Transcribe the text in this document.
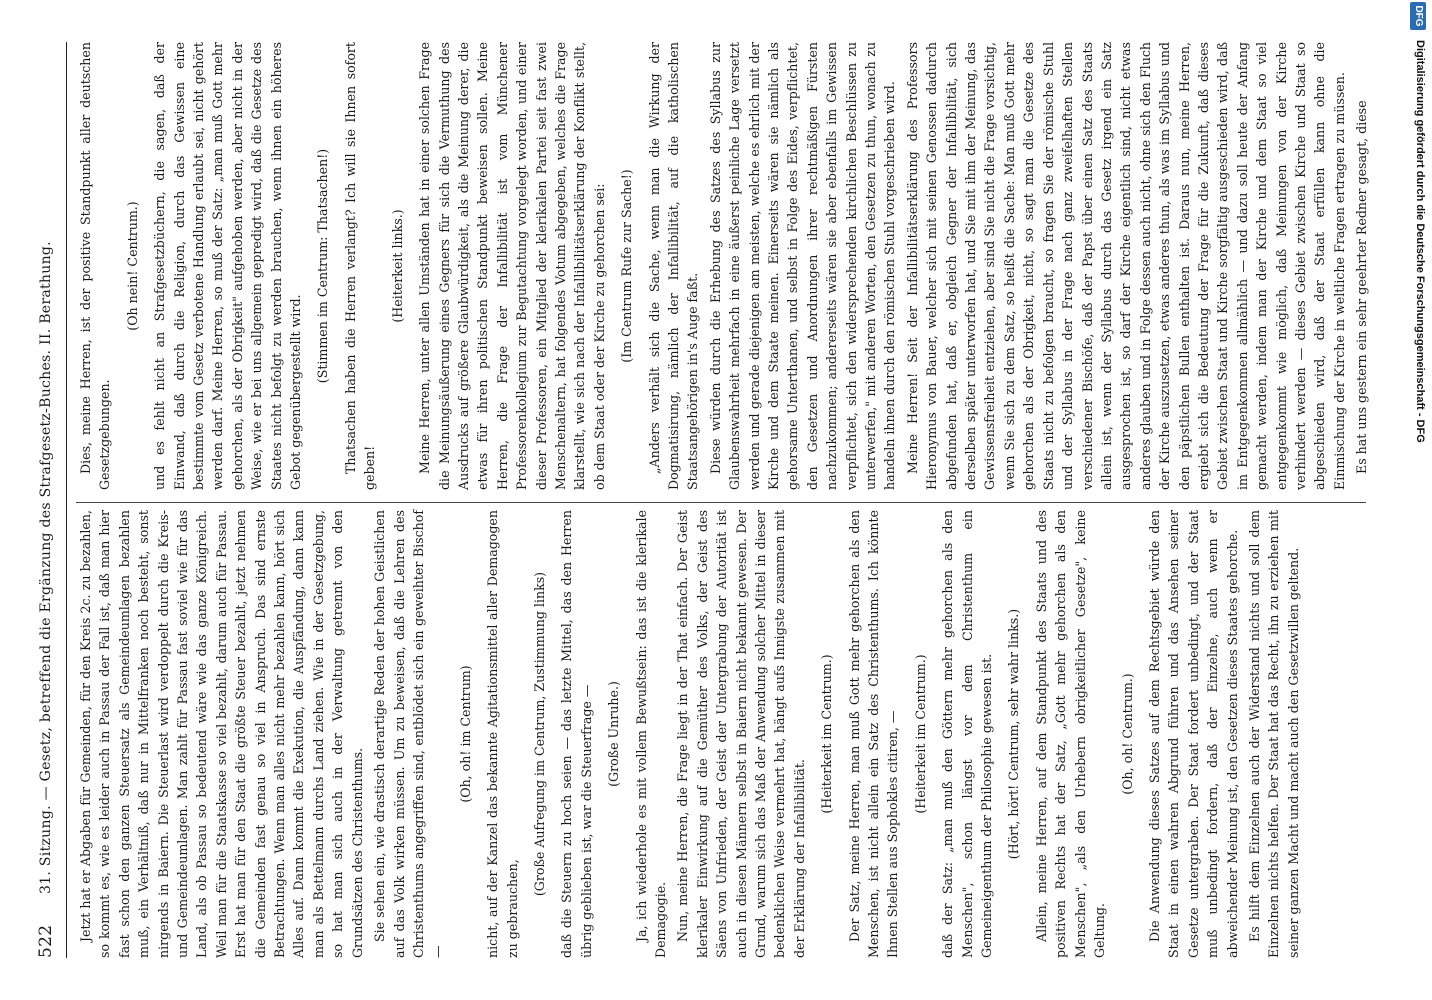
522
31. Sitzung. — Gesetz, betreffend die Ergänzung des Strafgesetz-Buches. II. Berathung. Jetzt hat er Abgaben für Gemeinden, für den Kreis 2c. zu bezahlen, so kommt es, wie es leider auch in Passau der Fall ist, daß man hier fast schon den ganzen Steuersatz als Gemeindeumlagen bezahlen muß, ein Verhältniß, daß nur in Mittelfranken noch besteht, sonst nirgends in Baiern. Die Steuerlast wird verdoppelt durch die Kreis- und Gemeindeumlagen. Man zahlt für Passau fast soviel wie für das Land, als ob Passau so bedeutend wäre wie das ganze Königreich. Weil man für die Staatskasse so viel bezahlt, darum auch für Passau. Erst hat man für den Staat die größte Steuer bezahlt, jetzt nehmen die Gemeinden fast genau so viel in Anspruch. Das sind ernste Betrachtungen. Wenn man alles nicht mehr bezahlen kann, hört sich Alles auf. Dann kommt die Exekution, die Auspfändung, dann kann man als Bettelmann durchs Land ziehen. Wie in der Gesetzgebung, so hat man sich auch in der Verwaltung getrennt von den Grundsätzen des Christenthums. Sie sehen ein, wie drastisch derartige Reden der hohen Geistlichen auf das Volk wirken müssen. Um zu beweisen, daß die Lehren des Christenthums angegriffen sind, entblödet sich ein geweihter Bischof —

(Oh, oh! im Centrum) nicht, auf der Kanzel das bekannte Agitationsmittel aller Demagogen zu gebrauchen,

(Große Aufregung im Centrum, Zustimmung links) daß die Steuern zu hoch seien — das letzte Mittel, das den Herren übrig geblieben ist, war die Steuerfrage — (Große Unruhe.) Ja, ich wiederhole es mit vollem Bewußtsein: das ist die klerikale Demagogie. Nun, meine Herren, die Frage liegt in der That einfach. Der Geist klerikaler Einwirkung auf die Gemüther des Volks, der Geist des Säens von Unfrieden, der Geist der Untergrabung der Autorität ist auch in diesen Männern selbst in Baiern nicht bekannt gewesen. Der Grund, warum sich das Maß der Anwendung solcher Mittel in dieser bedenklichen Weise vermehrt hat, hängt aufs Innigste zusammen mit der Erklärung der Infallibilität.

(Heiterkeit im Centrum.) Der Satz, meine Herren, man muß Gott mehr gehorchen als den Menschen, ist nicht allein ein Satz des Christenthums. Ich könnte Ihnen Stellen aus Sophokles citiren, — (Heiterkeit im Centrum.) daß der Satz: „man muß den Göttern mehr gehorchen als den Menschen", schon längst vor dem Christenthum ein Gemeineigenthum der Philosophie gewesen ist. (Hört, hört! Centrum, sehr wahr links.) Allein, meine Herren, auf dem Standpunkt des Staats und des positiven Rechts hat der Satz, „Gott mehr gehorchen als den Menschen", „als den Urhebern obrigkeitlicher Gesetze", keine Geltung.

(Oh, oh! Centrum.) Die Anwendung dieses Satzes auf dem Rechtsgebiet würde den Staat in einen wahren Abgrund führen und das Ansehen seiner Gesetze untergraben. Der Staat fordert unbedingt, und der Staat muß unbedingt fordern, daß der Einzelne, auch wenn er abweichender Meinung ist, den Gesetzen dieses Staates gehorche. Es hilft dem Einzelnen auch der Widerstand nichts und soll dem Einzelnen nichts helfen. Der Staat hat das Recht, ihn zu erziehen mit seiner ganzen Macht und macht auch den Gesetzwillen geltend.

Dies, meine Herren, ist der positive Standpunkt aller deutschen Gesetzgebungen.

(Oh nein! Centrum.) und es fehlt nicht an Strafgesetzbüchern, die sagen, daß der Einwand, daß durch die Religion, durch das Gewissen eine bestimmte vom Gesetz verbotene Handlung erlaubt sei, nicht gehört werden darf. Meine Herren, so muß der Satz: „man muß Gott mehr gehorchen, als der Obrigkeit" aufgehoben werden, aber nicht in der Weise, wie er bei uns allgemein gepredigt wird, daß die Gesetze des Staates nicht befolgt zu werden brauchen, wenn ihnen ein höheres Gebot gegenübergestellt wird.

(Stimmen im Centrum: Thatsachen!) Thatsachen haben die Herren verlangt? Ich will sie Ihnen sofort geben!

(Heiterkeit links.) Meine Herren, unter allen Umständen hat in einer solchen Frage die Meinungsäußerung eines Gegners für sich die Vermuthung des Ausdrucks auf größere Glaubwürdigkeit, als die Meinung derer, die etwas für ihren politischen Standpunkt beweisen sollen. Meine Herren, die Frage der Infallibilität ist vom Münchener Professorenkollegium zur Begutachtung vorgelegt worden, und einer dieser Professoren, ein Mitglied der klerikalen Partei seit fast zwei Menschenaltern, hat folgendes Votum abgegeben, welches die Frage klarstellt, wie sich nach der Infallibilitätserklärung der Konflikt stellt, ob dem Staat oder der Kirche zu gehorchen sei: (Im Centrum Rufe zur Sache!) „Anders verhält sich die Sache, wenn man die Wirkung der Dogmatisirung, nämlich der Infallibilität, auf die katholischen Staatsangehörigen in's Auge faßt. Diese würden durch die Erhebung des Satzes des Syllabus zur Glaubenswahrheit mehrfach in eine äußerst peinliche Lage versetzt werden und gerade diejenigen am meisten, welche es ehrlich mit der Kirche und dem Staate meinen. Einerseits wären sie nämlich als gehorsame Unterthanen, und selbst in Folge des Eides, verpflichtet, den Gesetzen und Anordnungen ihrer rechtmäßigen Fürsten nachzukommen; andererseits wären sie aber ebenfalls im Gewissen verpflichtet, sich den widersprechenden kirchlichen Beschlüssen zu unterwerfen," mit anderen Worten, den Gesetzen zu thun, wonach zu handeln ihnen durch den römischen Stuhl vorgeschrieben wird. Meine Herren! Seit der Infallibilitätserklärung des Professors Hieronymus von Bauer, welcher sich mit seinen Genossen dadurch abgefunden hat, daß er, obgleich Gegner der Infallibilität, sich derselben später unterworfen hat, und Sie mit ihm der Meinung, das Gewissensfreiheit entziehen, aber sind Sie nicht die Frage vorsichtig, wenn Sie sich zu dem Satz, so heißt die Sache: Man muß Gott mehr gehorchen als der Obrigkeit, nicht, so sagt man die Gesetze des Staats nicht zu befolgen braucht, so fragen Sie der römische Stuhl und der Syllabus in der Frage nach ganz zweifelhaften Stellen verschiedener Bischöfe, daß der Papst über einen Satz des Staats allein ist, wenn der Syllabus durch das Gesetz irgend ein Satz ausgesprochen ist, so darf der Kirche eigentlich sind, nicht etwas anderes glauben und in Folge dessen auch nicht, ohne sich den Fluch der Kirche auszusetzen, etwas anderes thun, als was im Syllabus und den päpstlichen Bullen enthalten ist. Daraus nun, meine Herren, ergiebt sich die Bedeutung der Frage für die Zukunft, daß dieses Gebiet zwischen Staat und Kirche sorgfältig ausgeschieden wird, daß im Entgegenkommen allmählich — und dazu soll heute der Anfang gemacht werden, indem man der Kirche und dem Staat so viel entgegenkommt wie möglich, daß Meinungen von der Kirche verhindert werden — dieses Gebiet zwischen Kirche und Staat so abgeschieden wird, daß der Staat erfüllen kann ohne die Einmischung der Kirche in weltliche Fragen ertragen zu müssen. Es hat uns gestern ein sehr geehrter Redner gesagt, diese	Digitalisierung gefördert durch die Deutsche Forschungsgemeinschaft - DFG
DFG
